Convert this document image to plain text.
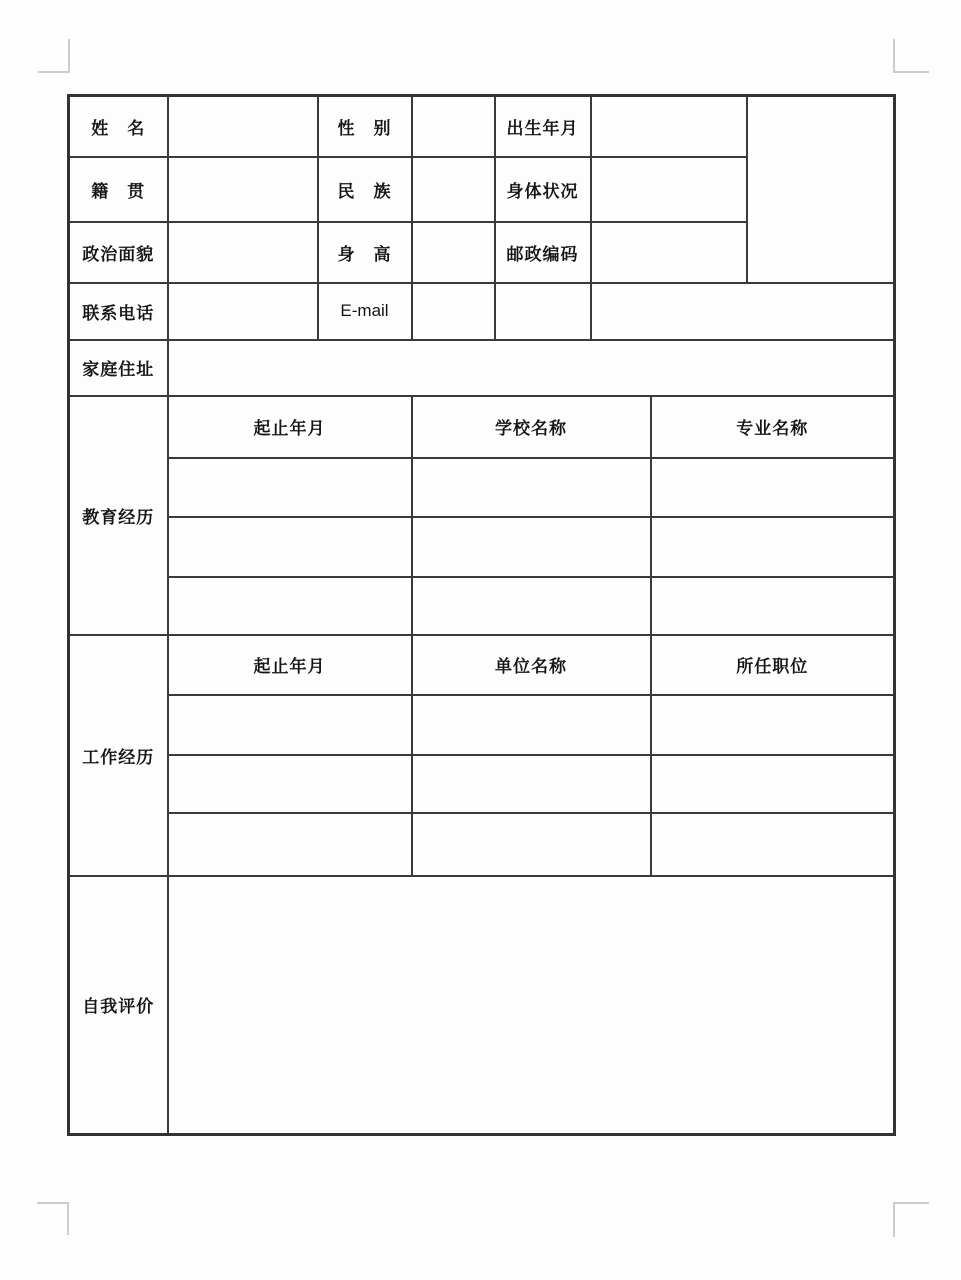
姓　名		性　别		出生年月			
籍　贯		民　族		身体状况			
政治面貌		身　高		邮政编码			
联系电话		E-mail					
家庭住址							
教育经历	起止年月		学校名称			专业名称	

工作经历	起止年月		单位名称			所任职位	

自我评价							
